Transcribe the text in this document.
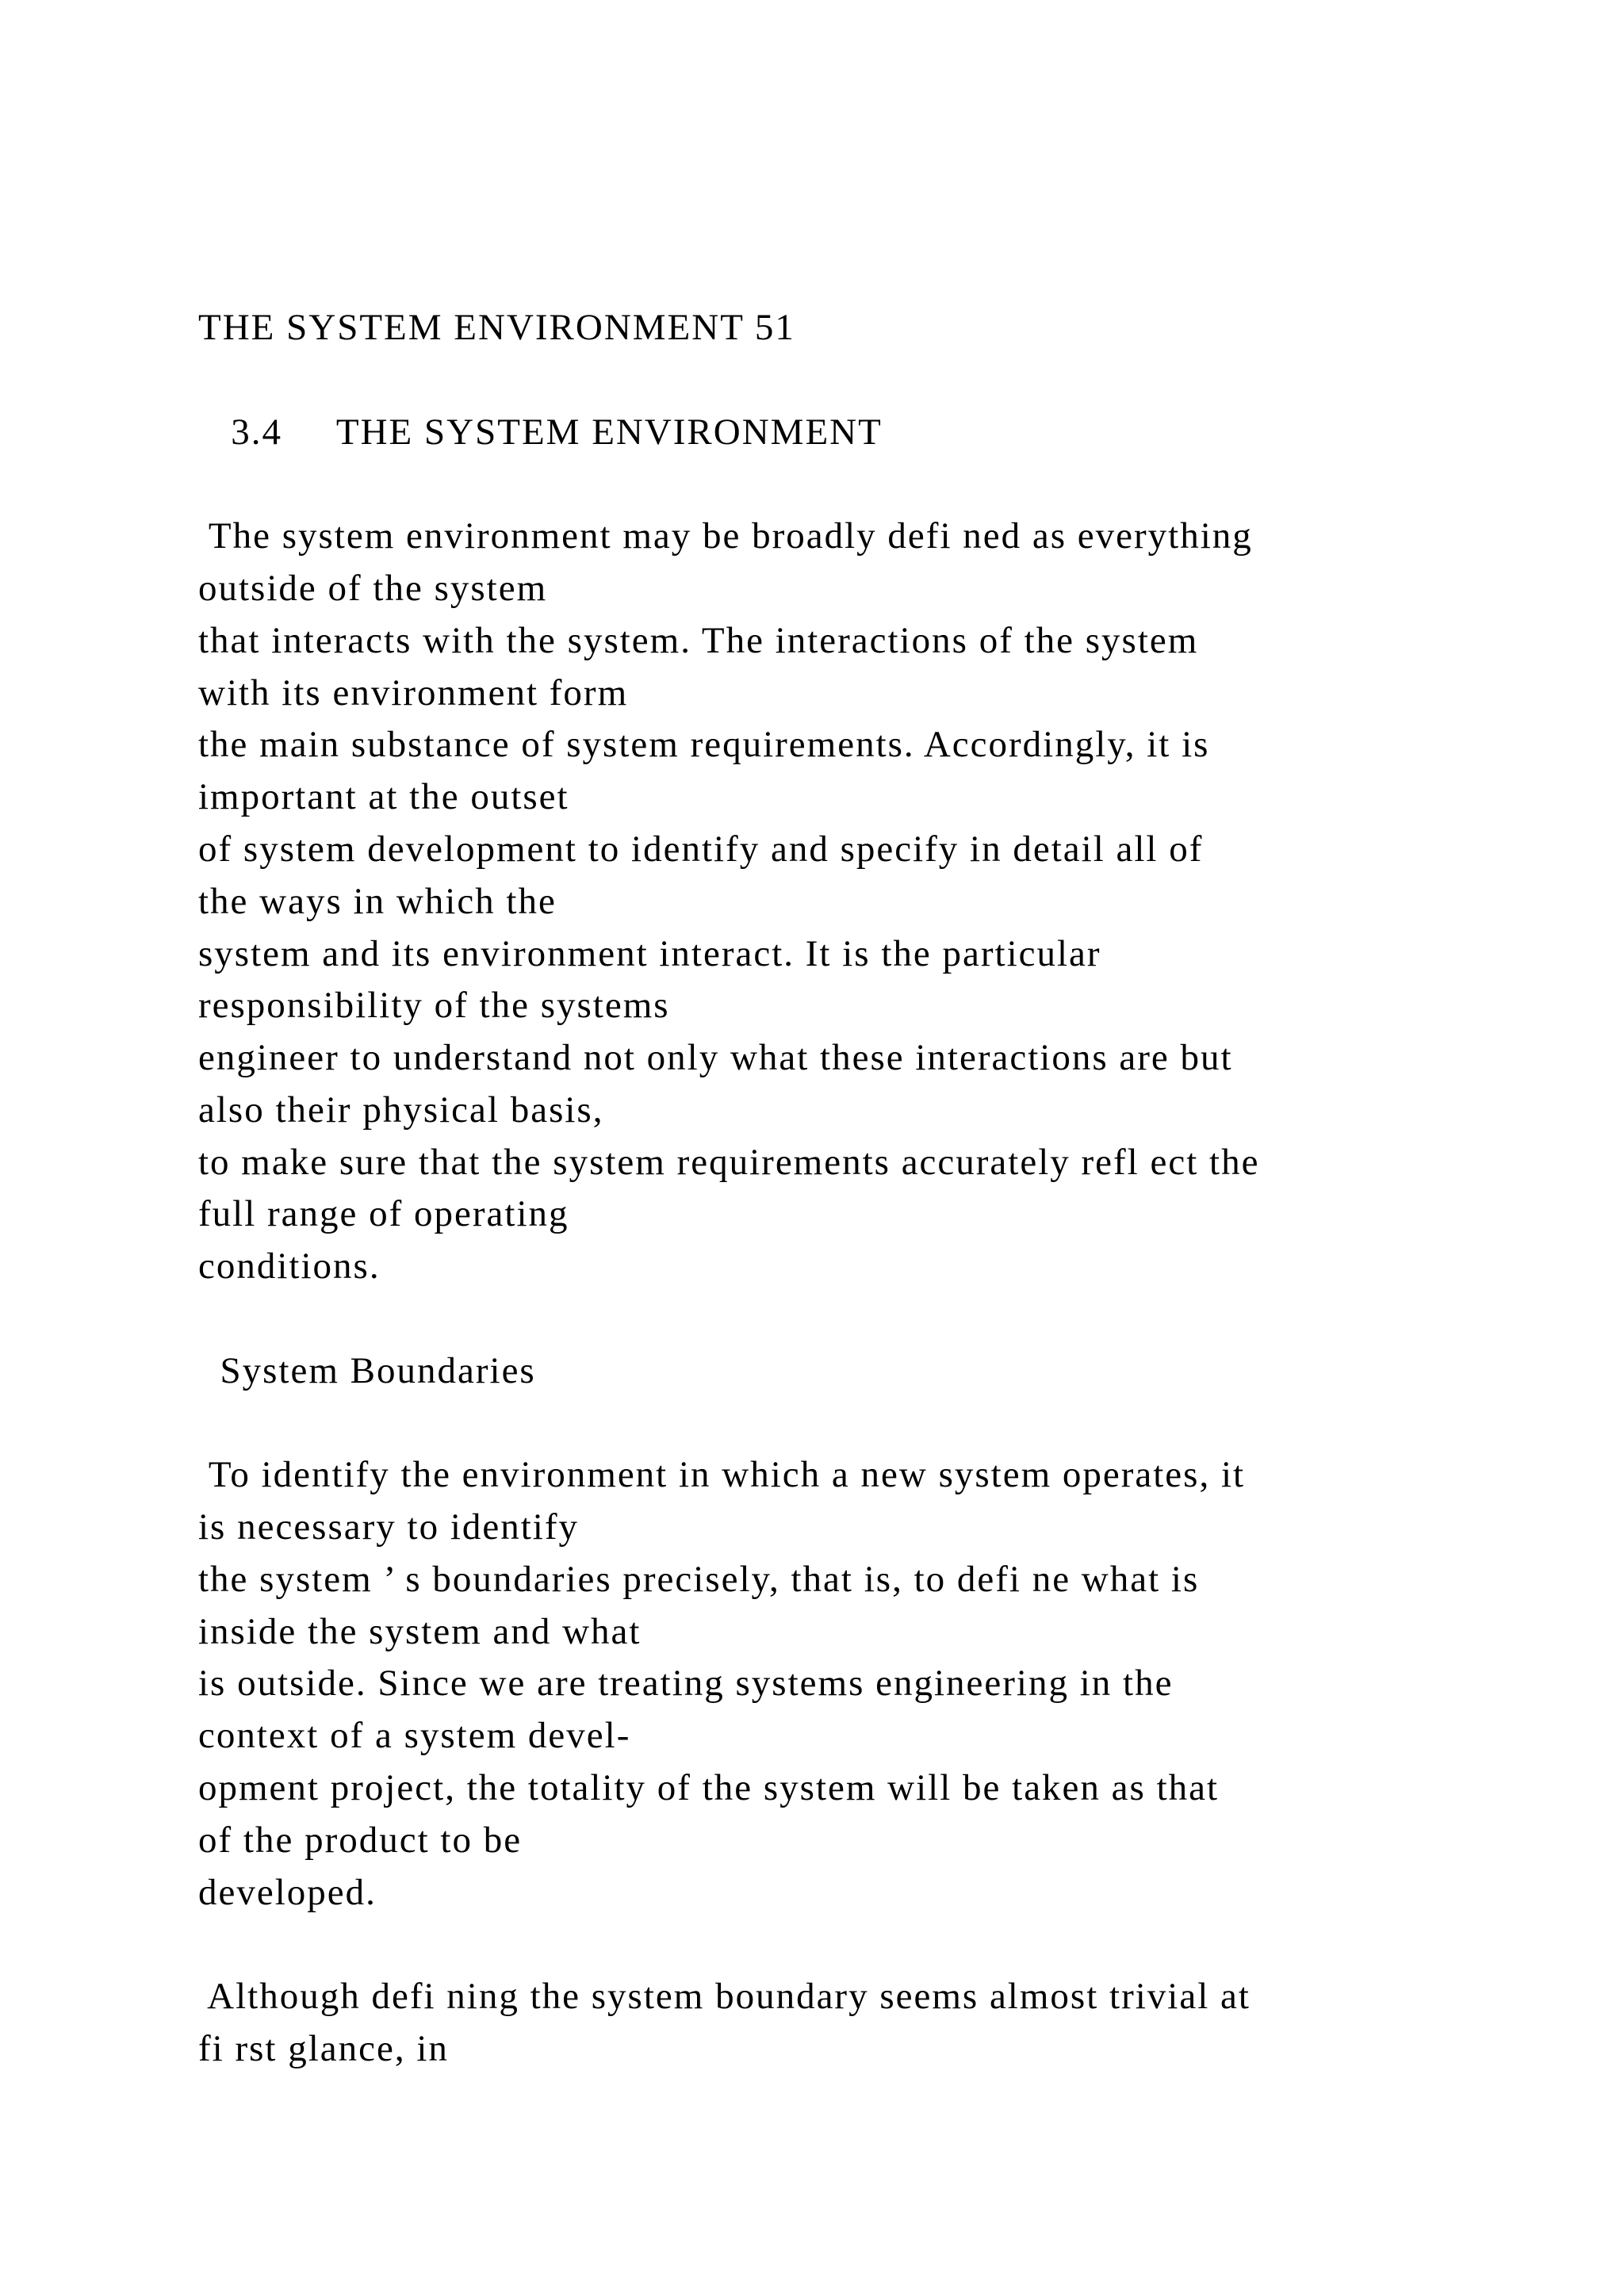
THE SYSTEM ENVIRONMENT 51
3.4     THE SYSTEM ENVIRONMENT
The system environment may be broadly defi ned as everything
outside of the system
that interacts with the system. The interactions of the system
with its environment form
the main substance of system requirements. Accordingly, it is
important at the outset
of system development to identify and specify in detail all of
the ways in which the
system and its environment interact. It is the particular
responsibility of the systems
engineer to understand not only what these interactions are but
also their physical basis,
to make sure that the system requirements accurately refl ect the
full range of operating
conditions.
System Boundaries
To identify the environment in which a new system operates, it
is necessary to identify
the system ’ s boundaries precisely, that is, to defi ne what is
inside the system and what
is outside. Since we are treating systems engineering in the
context of a system devel-
opment project, the totality of the system will be taken as that
of the product to be
developed.
Although defi ning the system boundary seems almost trivial at
fi rst glance, in
